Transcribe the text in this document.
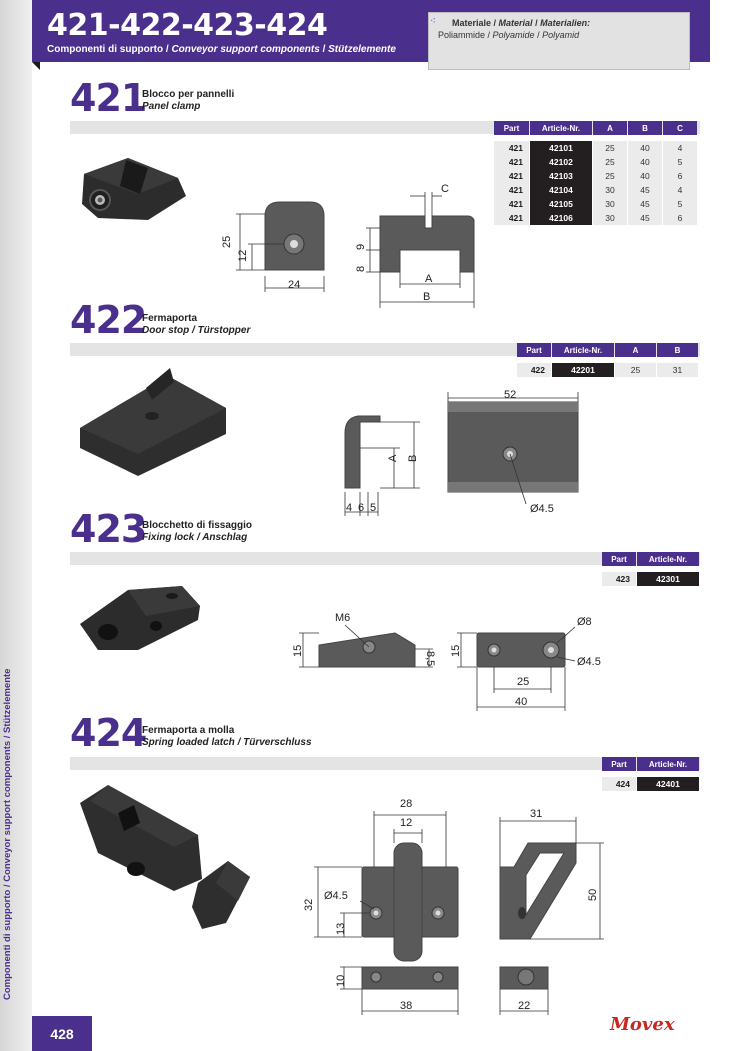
Componenti di supporto / Conveyor support components / Stützelemente
428
421-422-423-424
Componenti di supporto / Conveyor support components / Stützelemente
⁖ Materiale / Material / Materialien:
Poliammide / Polyamide / Polyamid
421
Blocco per pannelli
Panel clamp
Part	Article-Nr.	A	B	C
421	42101	25	40	4
421	42102	25	40	5
421	42103	25	40	6
421	42104	30	45	4
421	42105	30	45	5
421	42106	30	45	6
25
12
24
C
9
8
A
B
422
Fermaporta
Door stop / Türstopper
Part	Article-Nr.	A	B
422	42201	25	31
A B
4 6 5
52
Ø4.5
423
Blocchetto di fissaggio
Fixing lock / Anschlag
Part	Article-Nr.
423	42301
M6
15
8,5
15
Ø8
Ø4.5
25
40
424
Fermaporta a molla
Spring loaded latch / Türverschluss
Part	Article-Nr.
424	42401
28
12
Ø4.5
32
13
10
38
31
50
22
Movex
